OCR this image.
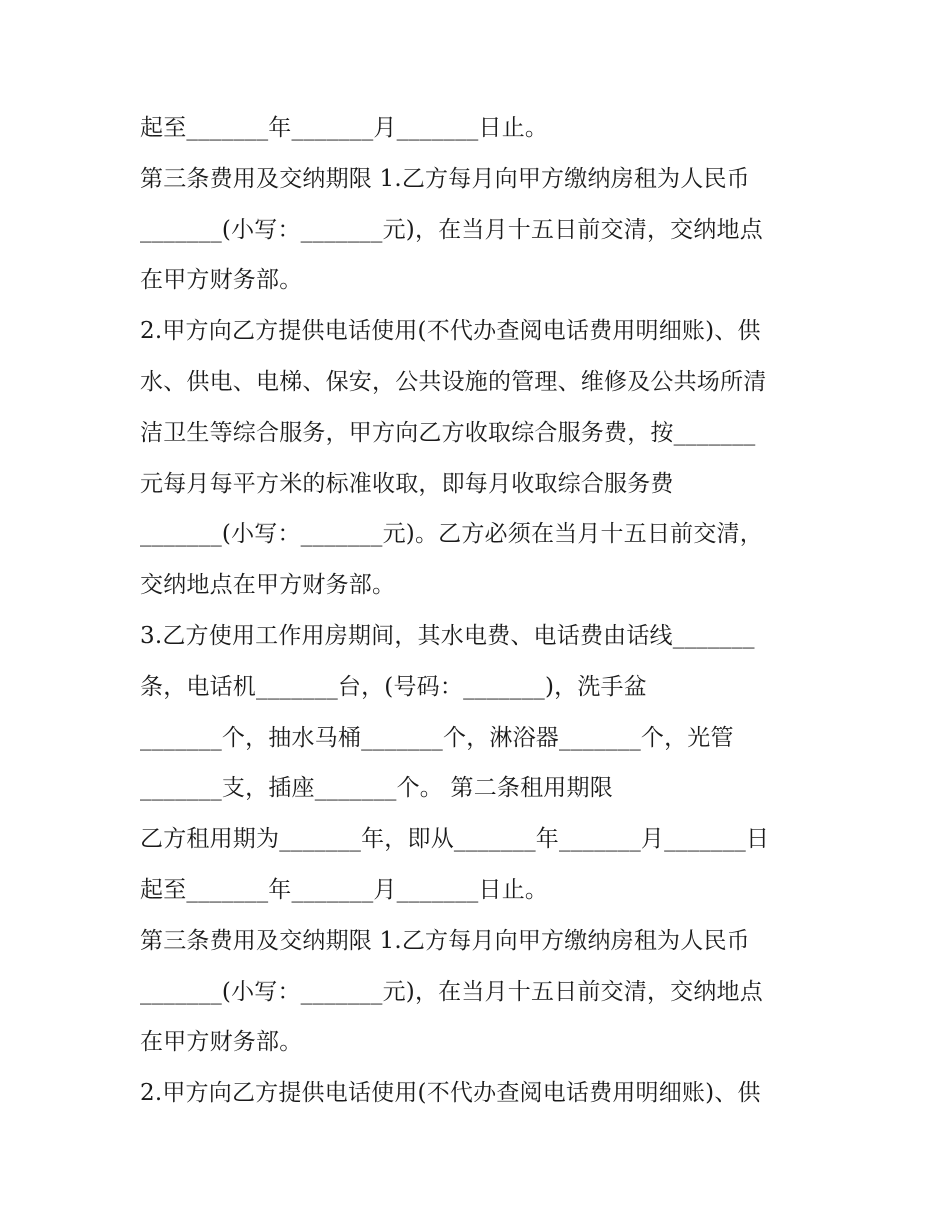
起至_______年_______月_______日止。

第三条费用及交纳期限 1.乙方每月向甲方缴纳房租为人民币

_______(小写：_______元)，在当月十五日前交清，交纳地点

在甲方财务部。

2.甲方向乙方提供电话使用(不代办查阅电话费用明细账)、供

水、供电、电梯、保安，公共设施的管理、维修及公共场所清

洁卫生等综合服务，甲方向乙方收取综合服务费，按_______

元每月每平方米的标准收取，即每月收取综合服务费

_______(小写：_______元)。乙方必须在当月十五日前交清，

交纳地点在甲方财务部。

3.乙方使用工作用房期间，其水电费、电话费由话线_______

条，电话机_______台，(号码：_______)，洗手盆

_______个，抽水马桶_______个，淋浴器_______个，光管

_______支，插座_______个。 第二条租用期限

乙方租用期为_______年，即从_______年_______月_______日

起至_______年_______月_______日止。

第三条费用及交纳期限 1.乙方每月向甲方缴纳房租为人民币

_______(小写：_______元)，在当月十五日前交清，交纳地点

在甲方财务部。

2.甲方向乙方提供电话使用(不代办查阅电话费用明细账)、供
